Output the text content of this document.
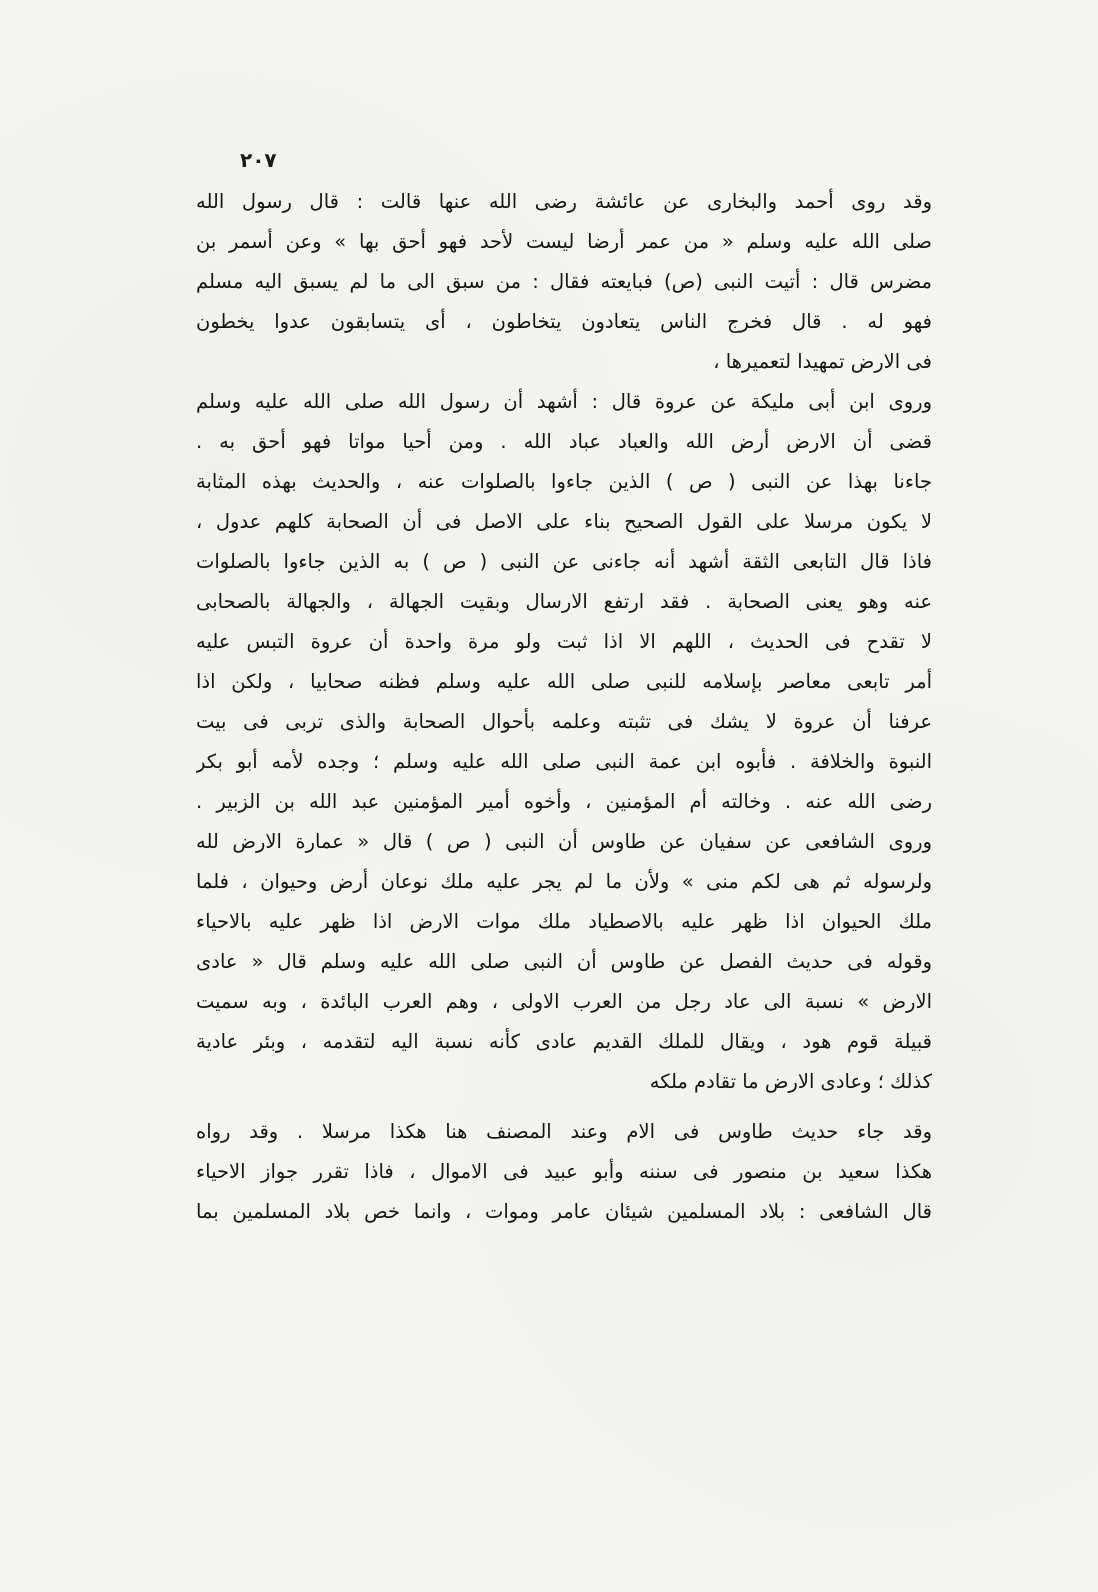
٢٠٧
وقد روى أحمد والبخارى عن عائشة رضى الله عنها قالت : قال رسول الله
صلى الله عليه وسلم « من عمر أرضا ليست لأحد فهو أحق بها » وعن أسمر بن
مضرس قال : أتيت النبى (ص) فبايعته فقال : من سبق الى ما لم يسبق اليه مسلم
فهو له . قال فخرج الناس يتعادون يتخاطون ، أى يتسابقون عدوا يخطون
فى الارض تمهيدا لتعميرها ،
وروى ابن أبى مليكة عن عروة قال : أشهد أن رسول الله صلى الله عليه وسلم
قضى أن الارض أرض الله والعباد عباد الله . ومن أحيا مواتا فهو أحق به .
جاءنا بهذا عن النبى ( ص ) الذين جاءوا بالصلوات عنه ، والحديث بهذه المثابة
لا يكون مرسلا على القول الصحيح بناء على الاصل فى أن الصحابة كلهم عدول ،
فاذا قال التابعى الثقة أشهد أنه جاءنى عن النبى ( ص ) به الذين جاءوا بالصلوات
عنه وهو يعنى الصحابة . فقد ارتفع الارسال وبقيت الجهالة ، والجهالة بالصحابى
لا تقدح فى الحديث ، اللهم الا اذا ثبت ولو مرة واحدة أن عروة التبس عليه
أمر تابعى معاصر بإسلامه للنبى صلى الله عليه وسلم فظنه صحابيا ، ولكن اذا
عرفنا أن عروة لا يشك فى تثبته وعلمه بأحوال الصحابة والذى تربى فى بيت
النبوة والخلافة . فأبوه ابن عمة النبى صلى الله عليه وسلم ؛ وجده لأمه أبو بكر
رضى الله عنه . وخالته أم المؤمنين ، وأخوه أمير المؤمنين عبد الله بن الزبير .
وروى الشافعى عن سفيان عن طاوس أن النبى ( ص ) قال « عمارة الارض لله
ولرسوله ثم هى لكم منى » ولأن ما لم يجر عليه ملك نوعان أرض وحيوان ، فلما
ملك الحيوان اذا ظهر عليه بالاصطياد ملك موات الارض اذا ظهر عليه بالاحياء
وقوله فى حديث الفصل عن طاوس أن النبى صلى الله عليه وسلم قال « عادى
الارض » نسبة الى عاد رجل من العرب الاولى ، وهم العرب البائدة ، وبه سميت
قبيلة قوم هود ، ويقال للملك القديم عادى كأنه نسبة اليه لتقدمه ، وبئر عادية
كذلك ؛ وعادى الارض ما تقادم ملكه
وقد جاء حديث طاوس فى الام وعند المصنف هنا هكذا مرسلا . وقد رواه
هكذا سعيد بن منصور فى سننه وأبو عبيد فى الاموال ، فاذا تقرر جواز الاحياء
قال الشافعى : بلاد المسلمين شيئان عامر وموات ، وانما خص بلاد المسلمين بما
